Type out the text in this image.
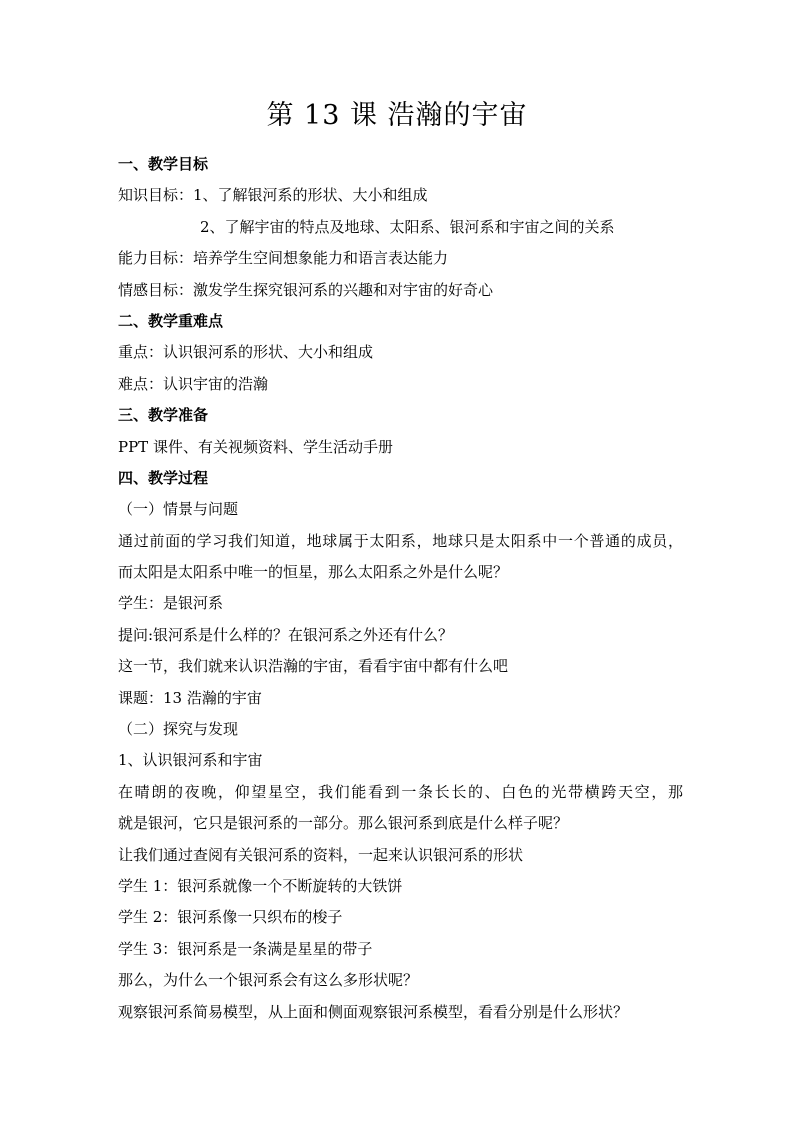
第 13 课 浩瀚的宇宙
一、教学目标
知识目标：1、了解银河系的形状、大小和组成
2、了解宇宙的特点及地球、太阳系、银河系和宇宙之间的关系
能力目标：培养学生空间想象能力和语言表达能力
情感目标：激发学生探究银河系的兴趣和对宇宙的好奇心
二、教学重难点
重点：认识银河系的形状、大小和组成
难点：认识宇宙的浩瀚
三、教学准备
PPT 课件、有关视频资料、学生活动手册
四、教学过程
（一）情景与问题
通过前面的学习我们知道，地球属于太阳系，地球只是太阳系中一个普通的成员，
而太阳是太阳系中唯一的恒星，那么太阳系之外是什么呢？
学生：是银河系
提问:银河系是什么样的？在银河系之外还有什么？
这一节，我们就来认识浩瀚的宇宙，看看宇宙中都有什么吧
课题：13 浩瀚的宇宙
（二）探究与发现
1、认识银河系和宇宙
在晴朗的夜晚，仰望星空，我们能看到一条长长的、白色的光带横跨天空，那
就是银河，它只是银河系的一部分。那么银河系到底是什么样子呢？
让我们通过查阅有关银河系的资料，一起来认识银河系的形状
学生 1：银河系就像一个不断旋转的大铁饼
学生 2：银河系像一只织布的梭子
学生 3：银河系是一条满是星星的带子
那么，为什么一个银河系会有这么多形状呢？
观察银河系简易模型，从上面和侧面观察银河系模型，看看分别是什么形状？
